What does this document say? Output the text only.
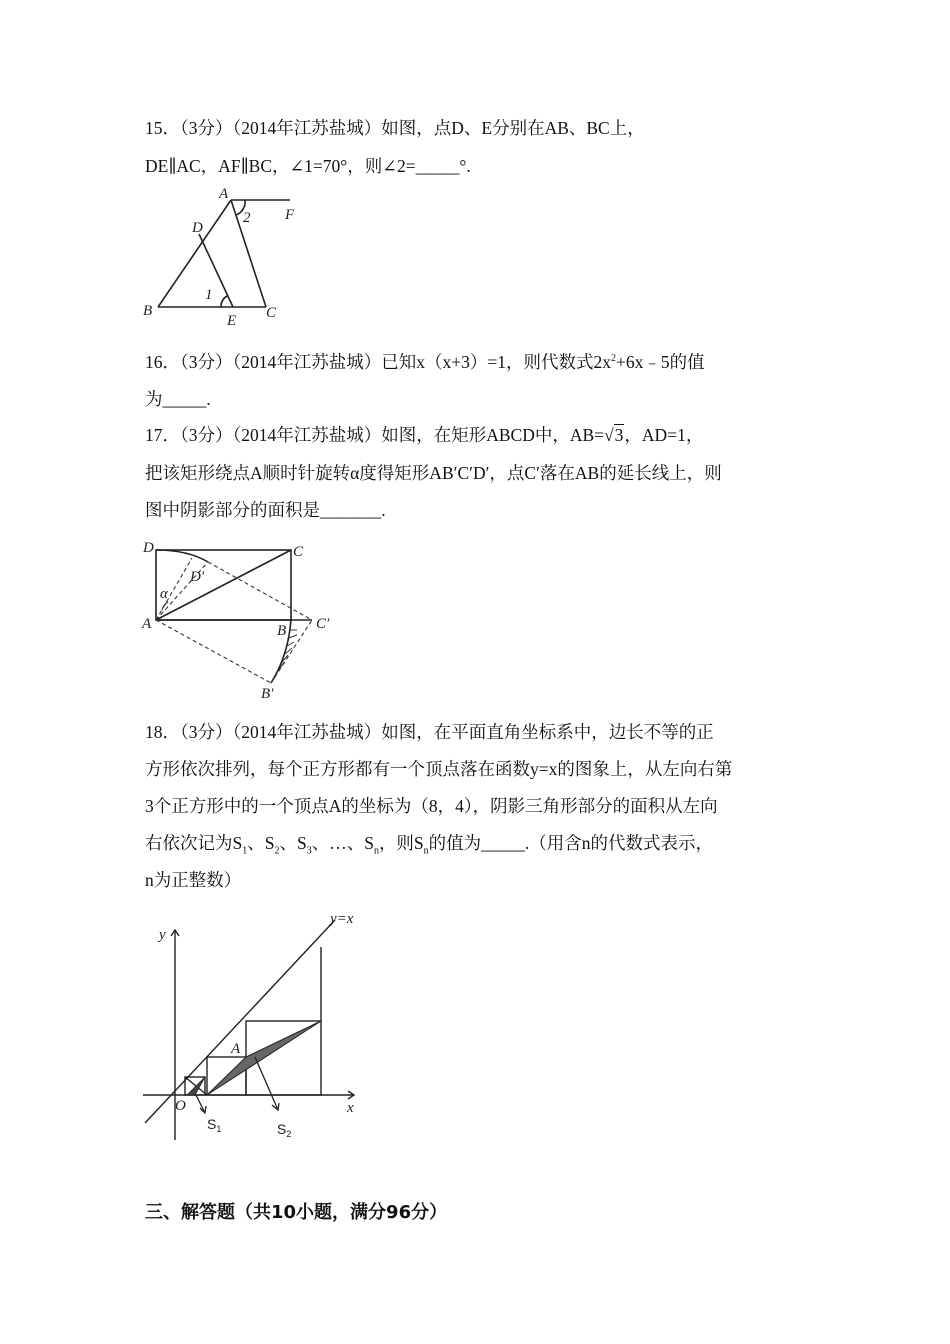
15．（3分）（2014年江苏盐城）如图，点D、E分别在AB、BC上，
DE∥AC，AF∥BC，∠1=70°，则∠2=_____°.
A
F
D
2
1
B
E C
16．（3分）（2014年江苏盐城）已知x（x+3）=1，则代数式$2x^2+6x﹣5$的值
为_____.
17．（3分）（2014年江苏盐城）如图，在矩形ABCD中，AB=√3，AD=1，
把该矩形绕点A顺时针旋转α度得矩形AB′C′D′，点C′落在AB的延长线上，则
图中阴影部分的面积是_______.
D	C
D′
α
A	B C′
B′
18．（3分）（2014年江苏盐城）如图，在平面直角坐标系中，边长不等的正
方形依次排列，每个正方形都有一个顶点落在函数y=x的图象上，从左向右第
3个正方形中的一个顶点A的坐标为（8，4），阴影三角形部分的面积从左向
右依次记为$S_1$、$S_2$、$S_3$、…、$S_n$，则$S_n$的值为_____.（用含n的代数式表示，
n为正整数）
y
x
y=x
O
A
$S_1$	$S_2$
三、解答题（共10小题，满分96分）
